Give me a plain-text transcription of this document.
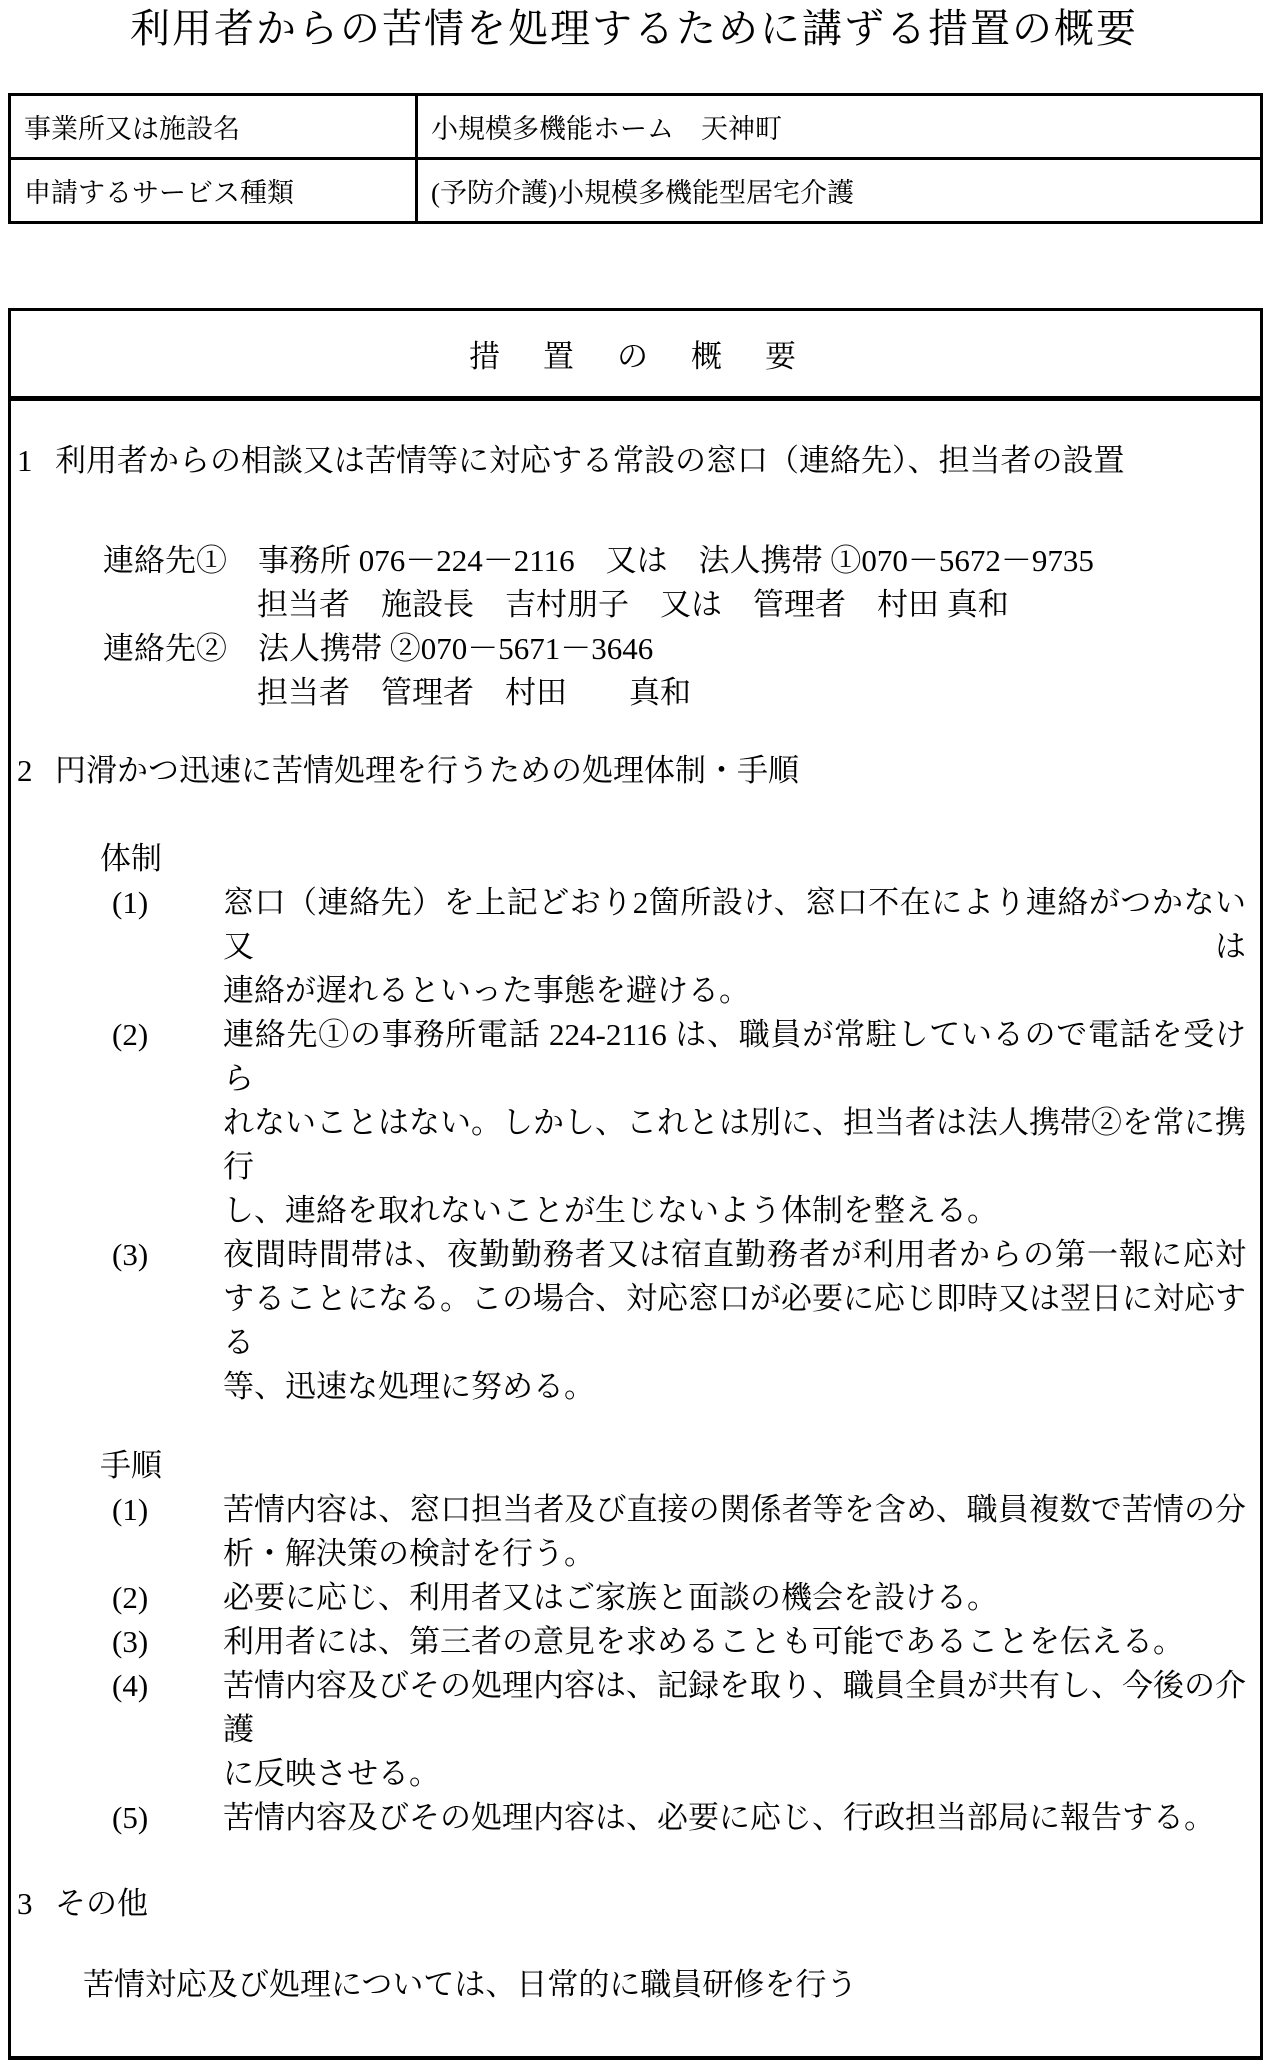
利用者からの苦情を処理するために講ずる措置の概要
事業所又は施設名	小規模多機能ホーム　天神町
申請するサービス種類	(予防介護)小規模多機能型居宅介護
措　置　の　概　要
1 利用者からの相談又は苦情等に対応する常設の窓口（連絡先）、担当者の設置
連絡先①　事務所 076－224－2116　又は　法人携帯 ①070－5672－9735
担当者　施設長　吉村朋子　又は　管理者　村田 真和
連絡先②　法人携帯 ②070－5671－3646
担当者　管理者　村田　　真和
2 円滑かつ迅速に苦情処理を行うための処理体制・手順
体制
(1)	窓口（連絡先）を上記どおり2箇所設け、窓口不在により連絡がつかない又は
連絡が遅れるといった事態を避ける。
(2)	連絡先①の事務所電話 224-2116 は、職員が常駐しているので電話を受けら
れないことはない。しかし、これとは別に、担当者は法人携帯②を常に携行
し、連絡を取れないことが生じないよう体制を整える。
(3)	夜間時間帯は、夜勤勤務者又は宿直勤務者が利用者からの第一報に応対
することになる。この場合、対応窓口が必要に応じ即時又は翌日に対応する
等、迅速な処理に努める。
手順
(1)	苦情内容は、窓口担当者及び直接の関係者等を含め、職員複数で苦情の分
析・解決策の検討を行う。
(2)	必要に応じ、利用者又はご家族と面談の機会を設ける。
(3)	利用者には、第三者の意見を求めることも可能であることを伝える。
(4)	苦情内容及びその処理内容は、記録を取り、職員全員が共有し、今後の介護
に反映させる。
(5)	苦情内容及びその処理内容は、必要に応じ、行政担当部局に報告する。
3 その他
苦情対応及び処理については、日常的に職員研修を行う
